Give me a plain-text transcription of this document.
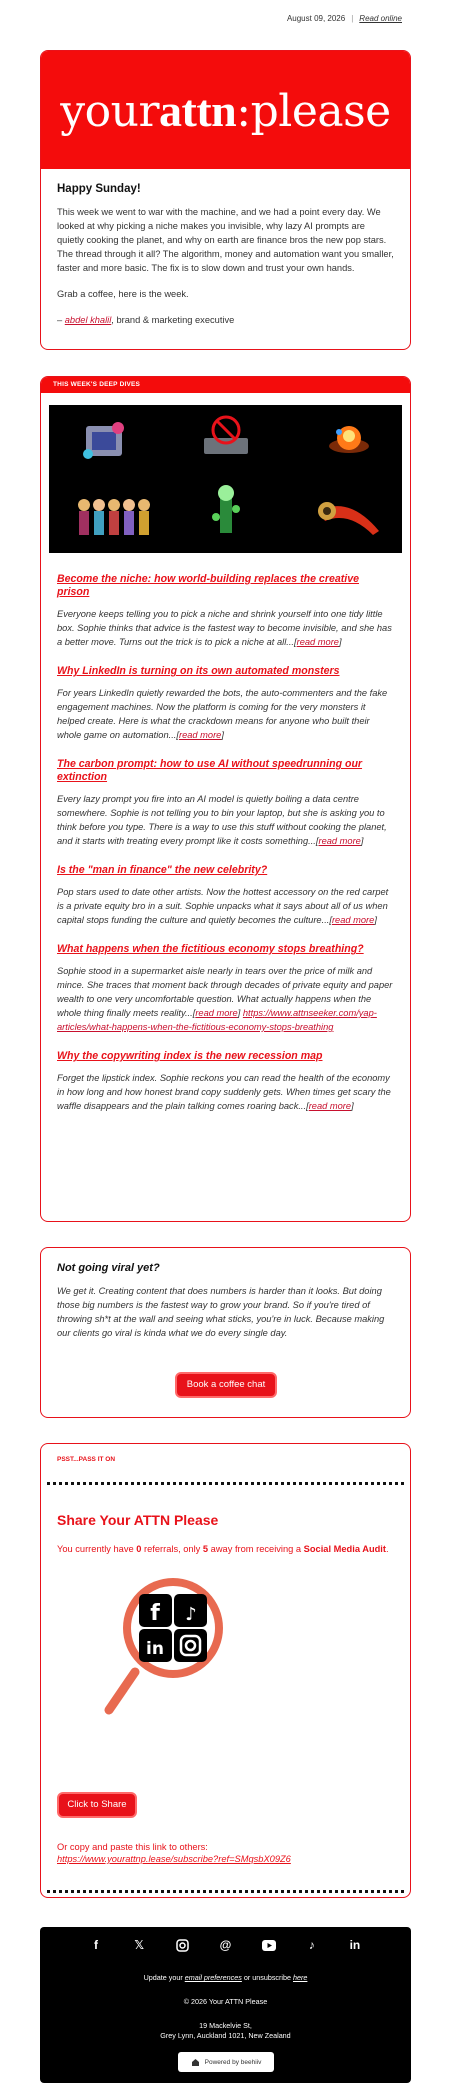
August 09, 2026 | Read online
yourattn:please
Happy Sunday!

This week we went to war with the machine, and we had a point every day. We looked at why picking a niche makes you invisible, why lazy AI prompts are quietly cooking the planet, and why on earth are finance bros the new pop stars. The thread through it all? The algorithm, money and automation want you smaller, faster and more basic. The fix is to slow down and trust your own hands.

Grab a coffee, here is the week.

– abdel khalil, brand & marketing executive

THIS WEEK'S DEEP DIVES
Become the niche: how world-building replaces the creative prison

Everyone keeps telling you to pick a niche and shrink yourself into one tidy little box. Sophie thinks that advice is the fastest way to become invisible, and she has a better move. Turns out the trick is to pick a niche at all...[read more]

Why LinkedIn is turning on its own automated monsters

For years LinkedIn quietly rewarded the bots, the auto-commenters and the fake engagement machines. Now the platform is coming for the very monsters it helped create. Here is what the crackdown means for anyone who built their whole game on automation...[read more]

The carbon prompt: how to use AI without speedrunning our extinction

Every lazy prompt you fire into an AI model is quietly boiling a data centre somewhere. Sophie is not telling you to bin your laptop, but she is asking you to think before you type. There is a way to use this stuff without cooking the planet, and it starts with treating every prompt like it costs something...[read more]

Is the "man in finance" the new celebrity?

Pop stars used to date other artists. Now the hottest accessory on the red carpet is a private equity bro in a suit. Sophie unpacks what it says about all of us when capital stops funding the culture and quietly becomes the culture...[read more]

What happens when the fictitious economy stops breathing?

Sophie stood in a supermarket aisle nearly in tears over the price of milk and mince. She traces that moment back through decades of private equity and paper wealth to one very uncomfortable question. What actually happens when the whole thing finally meets reality...[read more] https://www.attnseeker.com/yap-articles/what-happens-when-the-fictitious-economy-stops-breathing

Why the copywriting index is the new recession map

Forget the lipstick index. Sophie reckons you can read the health of the economy in how long and how honest brand copy suddenly gets. When times get scary the waffle disappears and the plain talking comes roaring back...[read more]

Not going viral yet?

We get it. Creating content that does numbers is harder than it looks. But doing those big numbers is the fastest way to grow your brand. So if you're tired of throwing sh*t at the wall and seeing what sticks, you're in luck. Because making our clients go viral is kinda what we do every single day.

Book a coffee chat
PSST...PASS IT ON
Share Your ATTN Please
You currently have 0 referrals, only 5 away from receiving a Social Media Audit.
f ♪
in
Click to Share
Or copy and paste this link to others:
https://www.yourattnp.lease/subscribe?ref=SMqsbX09Z6
f	𝕏	@	♪	in
Update your email preferences or unsubscribe here
© 2026 Your ATTN Please
19 Mackelvie St,
Grey Lynn, Auckland 1021, New Zealand
Powered by beehiiv
